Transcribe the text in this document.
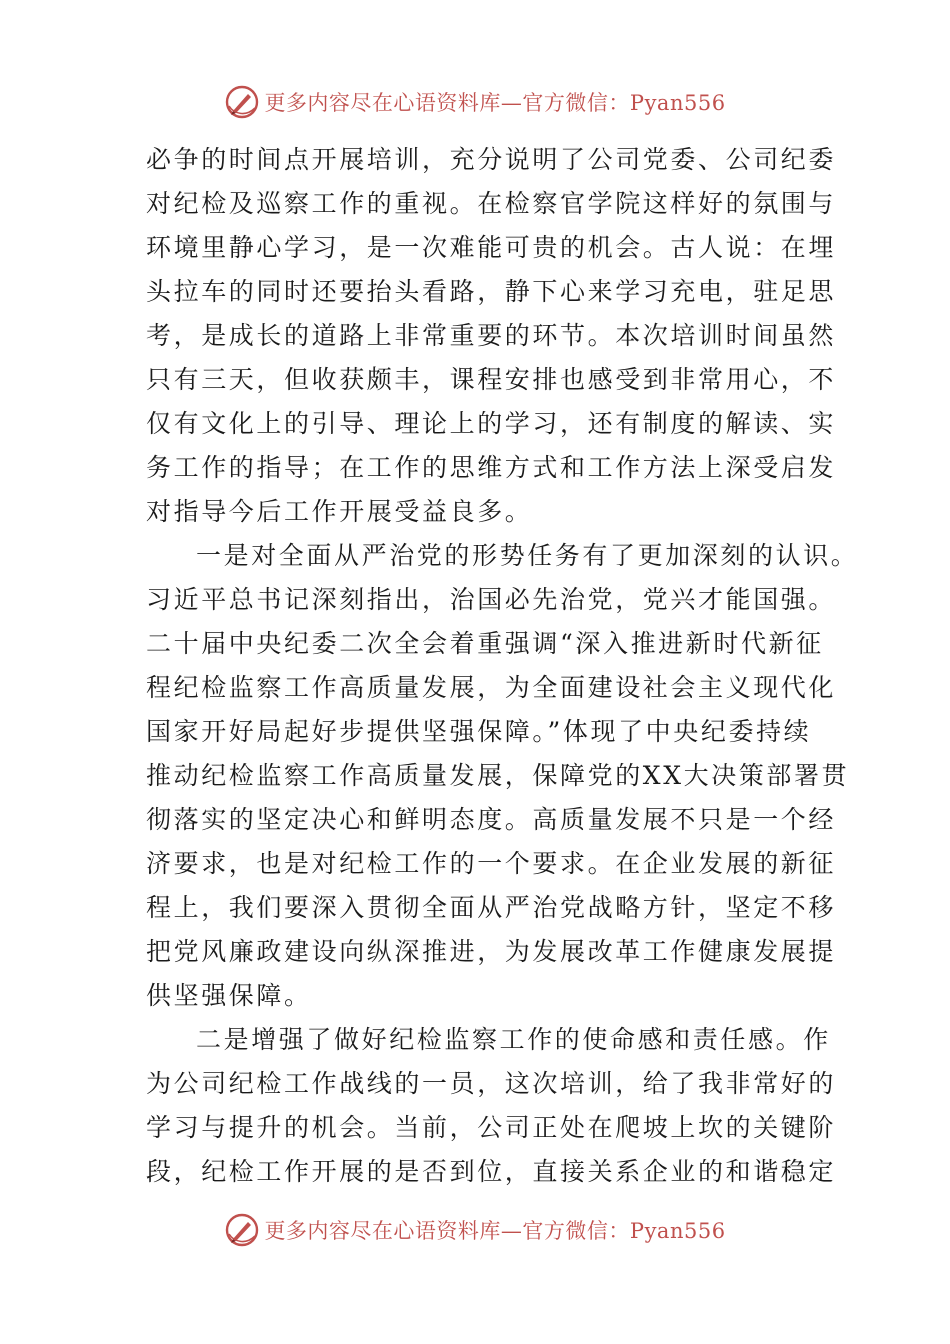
更多内容尽在心语资料库—官方微信：Pyan556
必争的时间点开展培训，充分说明了公司党委、公司纪委
对纪检及巡察工作的重视。在检察官学院这样好的氛围与
环境里静心学习，是一次难能可贵的机会。古人说：在埋
头拉车的同时还要抬头看路，静下心来学习充电，驻足思
考，是成长的道路上非常重要的环节。本次培训时间虽然
只有三天，但收获颇丰，课程安排也感受到非常用心，不
仅有文化上的引导、理论上的学习，还有制度的解读、实
务工作的指导；在工作的思维方式和工作方法上深受启发
对指导今后工作开展受益良多。
一是对全面从严治党的形势任务有了更加深刻的认识。
习近平总书记深刻指出，治国必先治党，党兴才能国强。
二十届中央纪委二次全会着重强调“深入推进新时代新征
程纪检监察工作高质量发展，为全面建设社会主义现代化
国家开好局起好步提供坚强保障。”体现了中央纪委持续
推动纪检监察工作高质量发展，保障党的XX大决策部署贯
彻落实的坚定决心和鲜明态度。高质量发展不只是一个经
济要求，也是对纪检工作的一个要求。在企业发展的新征
程上，我们要深入贯彻全面从严治党战略方针，坚定不移
把党风廉政建设向纵深推进，为发展改革工作健康发展提
供坚强保障。
二是增强了做好纪检监察工作的使命感和责任感。作
为公司纪检工作战线的一员，这次培训，给了我非常好的
学习与提升的机会。当前，公司正处在爬坡上坎的关键阶
段，纪检工作开展的是否到位，直接关系企业的和谐稳定
更多内容尽在心语资料库—官方微信：Pyan556
